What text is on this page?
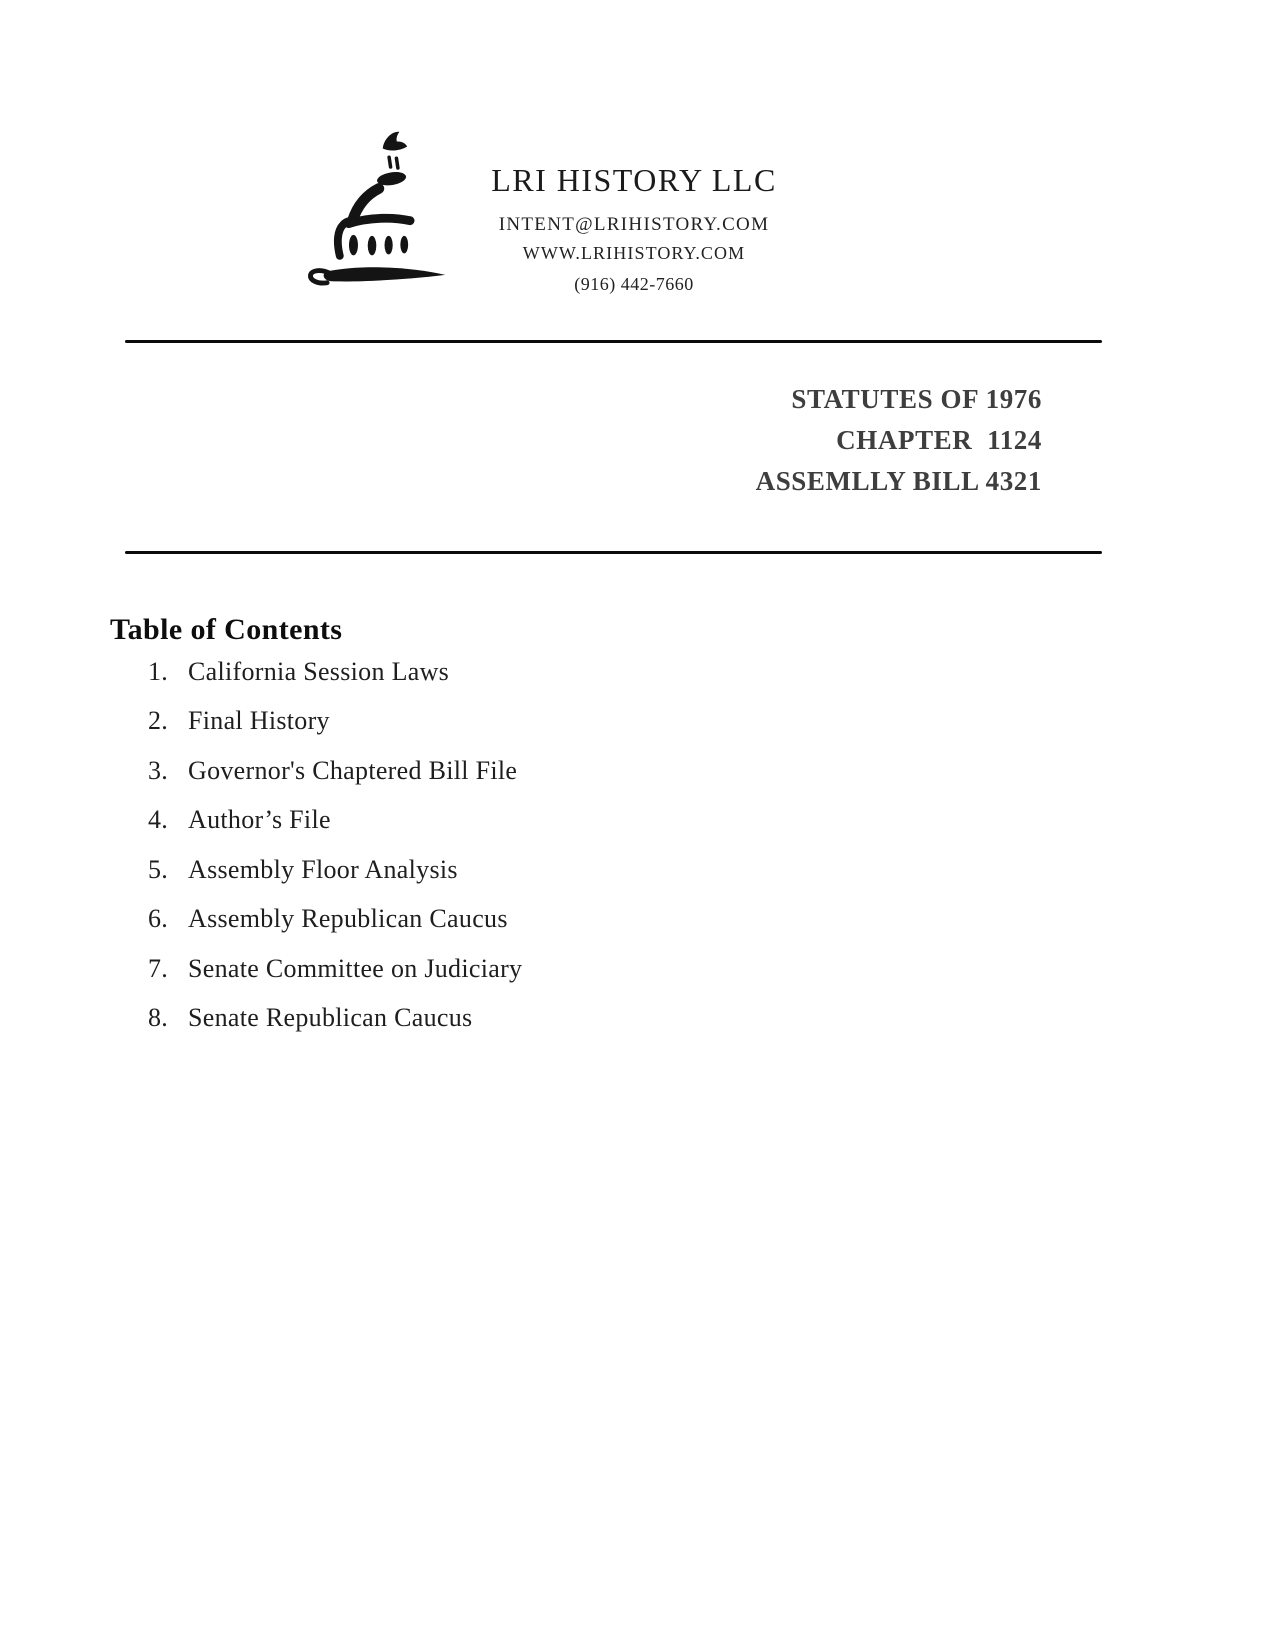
LRI HISTORY LLC
INTENT@LRIHISTORY.COM
WWW.LRIHISTORY.COM
(916) 442-7660
STATUTES OF 1976
CHAPTER  1124
ASSEMLLY BILL 4321
Table of Contents
1. California Session Laws
2. Final History
3. Governor's Chaptered Bill File
4. Author’s File
5. Assembly Floor Analysis
6. Assembly Republican Caucus
7. Senate Committee on Judiciary
8. Senate Republican Caucus
